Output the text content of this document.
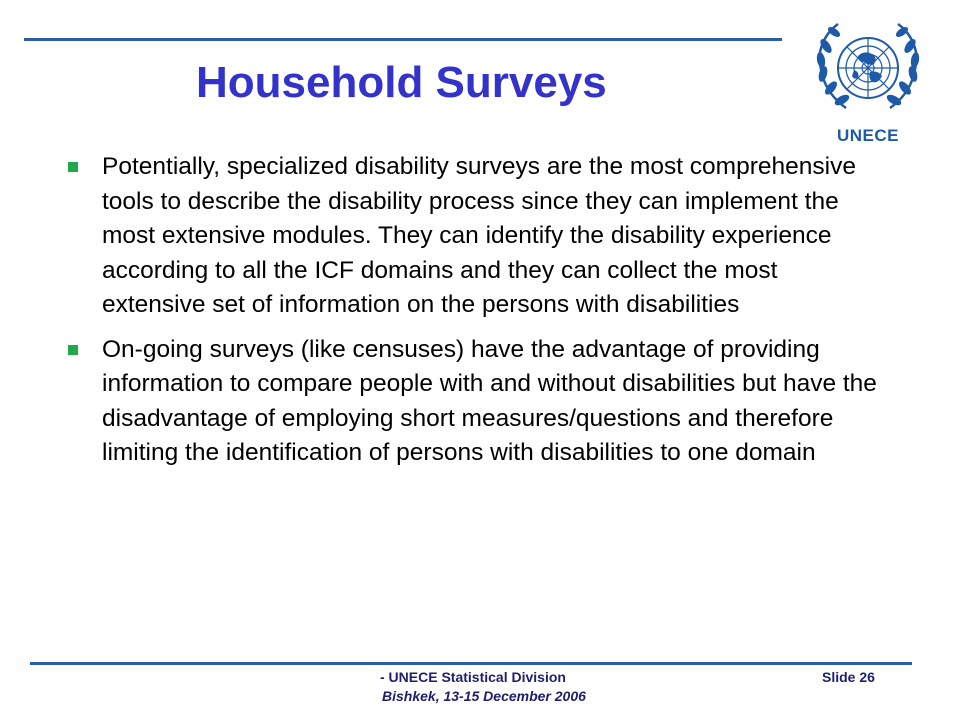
Household Surveys
UNECE
Potentially, specialized disability surveys are the most comprehensive tools to describe the disability process since they can implement the most extensive modules. They can identify the disability experience according to all the ICF domains and they can collect the most extensive set of information on the persons with disabilities
On-going surveys (like censuses) have the advantage of providing information to compare people with and without disabilities but have the disadvantage of employing short measures/questions and therefore limiting the identification of persons with disabilities to one domain
- UNECE Statistical Division
Bishkek, 13-15 December 2006
Slide 26
